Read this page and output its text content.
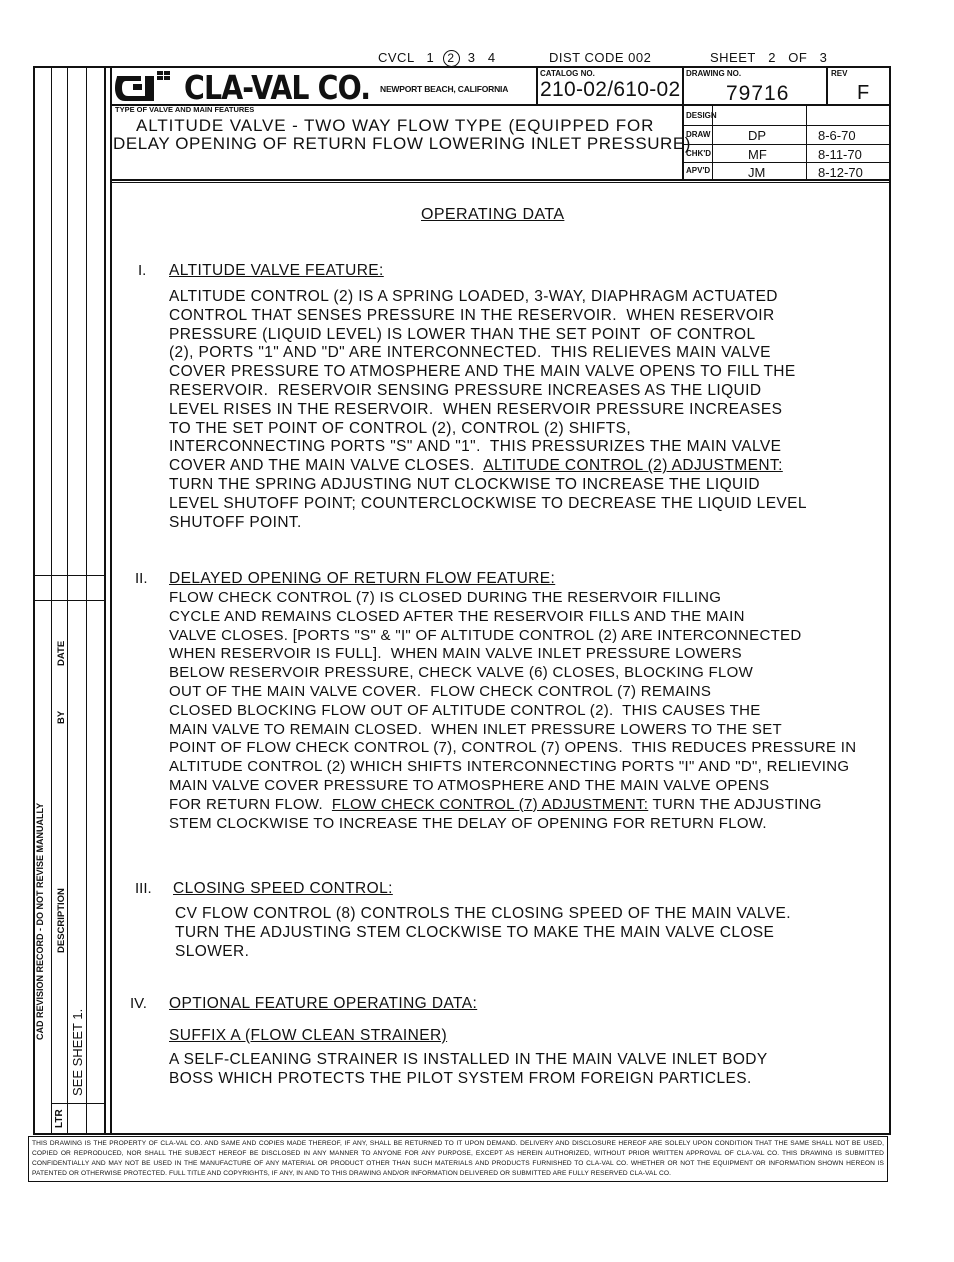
CVCL 1 2 3 4	DIST CODE 002	SHEET 2 OF 3
DATE
BY
DESCRIPTION
CAD REVISION RECORD - DO NOT REVISE MANUALLY
SEE SHEET 1.
LTR
CLA-VAL CO. NEWPORT BEACH, CALIFORNIA
CATALOG NO.
210-02/610-02
DRAWING NO.
79716
REV
F
TYPE OF VALVE AND MAIN FEATURES
ALTITUDE VALVE - TWO WAY FLOW TYPE (EQUIPPED FOR
DELAY OPENING OF RETURN FLOW LOWERING INLET PRESSURE)
DESIGN
DRAW	DP	8-6-70
CHK'D	MF	8-11-70
APV'D	JM	8-12-70
OPERATING DATA
I. ALTITUDE VALVE FEATURE:
ALTITUDE CONTROL (2) IS A SPRING LOADED, 3-WAY, DIAPHRAGM ACTUATED
CONTROL THAT SENSES PRESSURE IN THE RESERVOIR.  WHEN RESERVOIR
PRESSURE (LIQUID LEVEL) IS LOWER THAN THE SET POINT  OF CONTROL
(2), PORTS "1" AND "D" ARE INTERCONNECTED.  THIS RELIEVES MAIN VALVE
COVER PRESSURE TO ATMOSPHERE AND THE MAIN VALVE OPENS TO FILL THE
RESERVOIR.  RESERVOIR SENSING PRESSURE INCREASES AS THE LIQUID
LEVEL RISES IN THE RESERVOIR.  WHEN RESERVOIR PRESSURE INCREASES
TO THE SET POINT OF CONTROL (2), CONTROL (2) SHIFTS,
INTERCONNECTING PORTS "S" AND "1".  THIS PRESSURIZES THE MAIN VALVE
COVER AND THE MAIN VALVE CLOSES.  ALTITUDE CONTROL (2) ADJUSTMENT:
TURN THE SPRING ADJUSTING NUT CLOCKWISE TO INCREASE THE LIQUID
LEVEL SHUTOFF POINT; COUNTERCLOCKWISE TO DECREASE THE LIQUID LEVEL
SHUTOFF POINT.
II. DELAYED OPENING OF RETURN FLOW FEATURE:
FLOW CHECK CONTROL (7) IS CLOSED DURING THE RESERVOIR FILLING
CYCLE AND REMAINS CLOSED AFTER THE RESERVOIR FILLS AND THE MAIN
VALVE CLOSES. [PORTS "S" & "I" OF ALTITUDE CONTROL (2) ARE INTERCONNECTED
WHEN RESERVOIR IS FULL].  WHEN MAIN VALVE INLET PRESSURE LOWERS
BELOW RESERVOIR PRESSURE, CHECK VALVE (6) CLOSES, BLOCKING FLOW
OUT OF THE MAIN VALVE COVER.  FLOW CHECK CONTROL (7) REMAINS
CLOSED BLOCKING FLOW OUT OF ALTITUDE CONTROL (2).  THIS CAUSES THE
MAIN VALVE TO REMAIN CLOSED.  WHEN INLET PRESSURE LOWERS TO THE SET
POINT OF FLOW CHECK CONTROL (7), CONTROL (7) OPENS.  THIS REDUCES PRESSURE IN
ALTITUDE CONTROL (2) WHICH SHIFTS INTERCONNECTING PORTS "I" AND "D", RELIEVING
MAIN VALVE COVER PRESSURE TO ATMOSPHERE AND THE MAIN VALVE OPENS
FOR RETURN FLOW.  FLOW CHECK CONTROL (7) ADJUSTMENT: TURN THE ADJUSTING
STEM CLOCKWISE TO INCREASE THE DELAY OF OPENING FOR RETURN FLOW.
III. CLOSING SPEED CONTROL:
CV FLOW CONTROL (8) CONTROLS THE CLOSING SPEED OF THE MAIN VALVE.
TURN THE ADJUSTING STEM CLOCKWISE TO MAKE THE MAIN VALVE CLOSE
SLOWER.
IV. OPTIONAL FEATURE OPERATING DATA:
SUFFIX A (FLOW CLEAN STRAINER)
A SELF-CLEANING STRAINER IS INSTALLED IN THE MAIN VALVE INLET BODY
BOSS WHICH PROTECTS THE PILOT SYSTEM FROM FOREIGN PARTICLES.
THIS DRAWING IS THE PROPERTY OF CLA-VAL CO. AND SAME AND COPIES MADE THEREOF, IF ANY, SHALL BE RETURNED TO IT UPON DEMAND. DELIVERY AND DISCLOSURE HEREOF ARE SOLELY UPON CONDITION THAT THE SAME SHALL NOT BE USED, COPIED OR REPRODUCED, NOR SHALL THE SUBJECT HEREOF BE DISCLOSED IN ANY MANNER TO ANYONE FOR ANY PURPOSE, EXCEPT AS HEREIN AUTHORIZED, WITHOUT PRIOR WRITTEN APPROVAL OF CLA-VAL CO. THIS DRAWING IS SUBMITTED CONFIDENTIALLY AND MAY NOT BE USED IN THE MANUFACTURE OF ANY MATERIAL OR PRODUCT OTHER THAN SUCH MATERIALS AND PRODUCTS FURNISHED TO CLA-VAL CO. WHETHER OR NOT THE EQUIPMENT OR INFORMATION SHOWN HEREON IS PATENTED OR OTHERWISE PROTECTED. FULL TITLE AND COPYRIGHTS, IF ANY, IN AND TO THIS DRAWING AND/OR INFORMATION DELIVERED OR SUBMITTED ARE FULLY RESERVED CLA-VAL CO.
